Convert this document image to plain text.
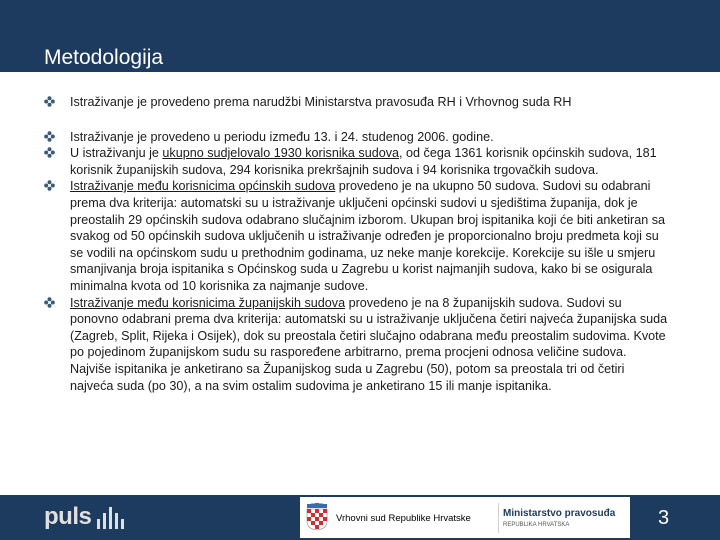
Metodologija
Istraživanje je provedeno prema narudžbi Ministarstva pravosuđa RH i Vrhovnog suda RH
Istraživanje je provedeno u periodu između 13. i 24. studenog 2006. godine.
U istraživanju je ukupno sudjelovalo 1930 korisnika sudova, od čega 1361 korisnik općinskih sudova, 181 korisnik županijskih sudova, 294 korisnika prekršajnih sudova i 94 korisnika trgovačkih sudova.
Istraživanje među korisnicima općinskih sudova provedeno je na ukupno 50 sudova. Sudovi su odabrani prema dva kriterija: automatski su u istraživanje uključeni općinski sudovi u sjedištima županija, dok je preostalih 29 općinskih sudova odabrano slučajnim izborom. Ukupan broj ispitanika koji će biti anketiran sa svakog od 50 općinskih sudova uključenih u istraživanje određen je proporcionalno broju predmeta koji su se vodili na općinskom sudu u prethodnim godinama, uz neke manje korekcije. Korekcije su išle u smjeru smanjivanja broja ispitanika s Općinskog suda u Zagrebu u korist najmanjih sudova, kako bi se osigurala minimalna kvota od 10 korisnika za najmanje sudove.
Istraživanje među korisnicima županijskih sudova provedeno je na 8 županijskih sudova. Sudovi su ponovno odabrani prema dva kriterija: automatski su u istraživanje uključena četiri najveća županijska suda (Zagreb, Split, Rijeka i Osijek), dok su preostala četiri slučajno odabrana među preostalim sudovima. Kvote po pojedinom županijskom sudu su raspoređene arbitrarno, prema procjeni odnosa veličine sudova. Najviše ispitanika je anketirano sa Županijskog suda u Zagrebu (50), potom sa preostala tri od četiri najveća suda (po 30), a na svim ostalim sudovima je anketirano 15 ili manje ispitanika.
puls	Vrhovni sud Republike Hrvatske	Ministarstvo pravosuđa
REPUBLIKA HRVATSKA	3
